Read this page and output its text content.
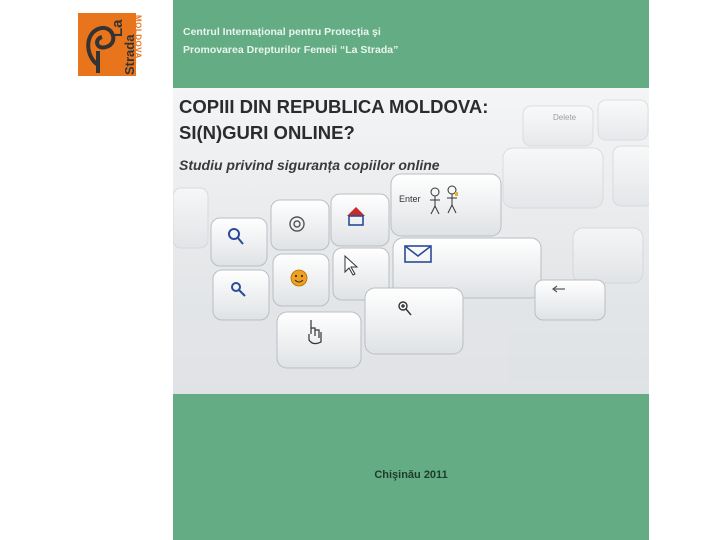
La
Strada
MOLDOVA	Centrul Internaţional pentru Protecţia şi
Promovarea Drepturilor Femeii “La Strada”
Delete
Enter
COPIII DIN REPUBLICA MOLDOVA:
SI(N)GURI ONLINE?
Studiu privind siguranța copiilor online
Chişinău 2011
